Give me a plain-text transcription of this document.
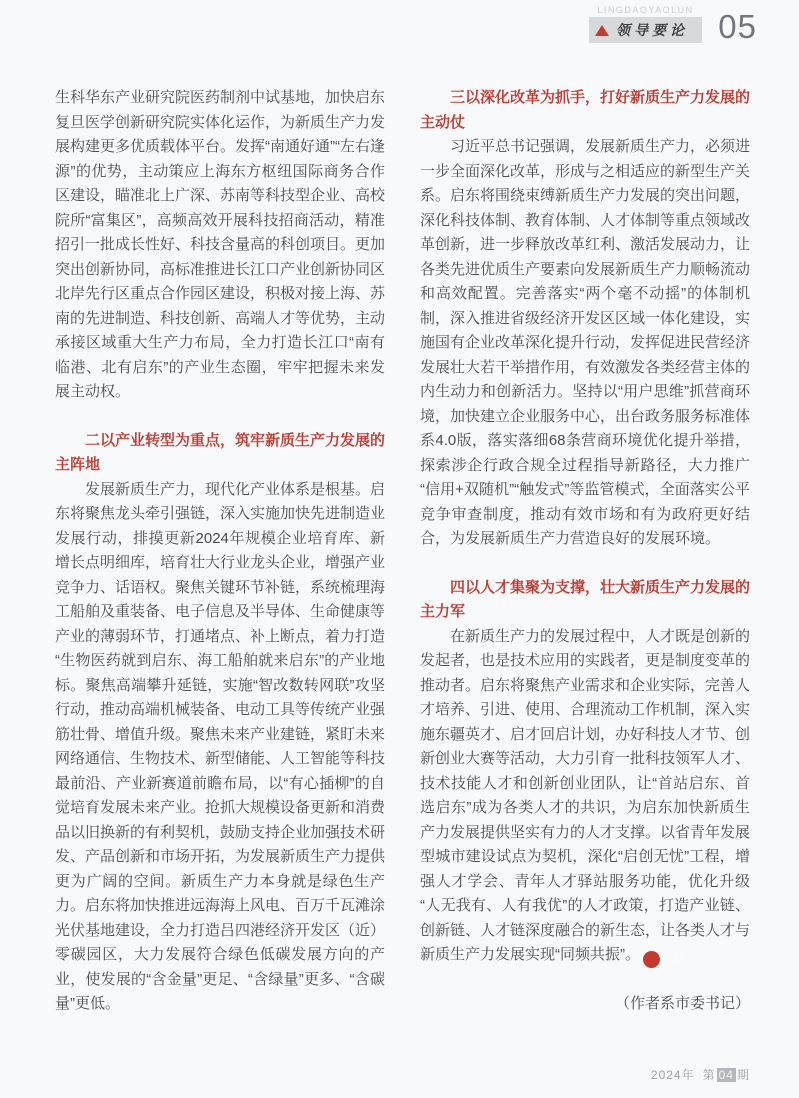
LINGDAOYAOLUN
领导要论 05

生科华东产业研究院医药制剂中试基地，加快启东复旦医学创新研究院实体化运作，为新质生产力发展构建更多优质载体平台。发挥“南通好通”“左右逢源”的优势，主动策应上海东方枢纽国际商务合作区建设，瞄准北上广深、苏南等科技型企业、高校院所“富集区”，高频高效开展科技招商活动，精准招引一批成长性好、科技含量高的科创项目。更加突出创新协同，高标准推进长江口产业创新协同区北岸先行区重点合作园区建设，积极对接上海、苏南的先进制造、科技创新、高端人才等优势，主动承接区域重大生产力布局，全力打造长江口“南有临港、北有启东”的产业生态圈，牢牢把握未来发展主动权。

二以产业转型为重点，筑牢新质生产力发展的主阵地

发展新质生产力，现代化产业体系是根基。启东将聚焦龙头牵引强链，深入实施加快先进制造业发展行动，排摸更新2024年规模企业培育库、新增长点明细库，培育壮大行业龙头企业，增强产业竞争力、话语权。聚焦关键环节补链，系统梳理海工船舶及重装备、电子信息及半导体、生命健康等产业的薄弱环节，打通堵点、补上断点，着力打造“生物医药就到启东、海工船舶就来启东”的产业地标。聚焦高端攀升延链，实施“智改数转网联”攻坚行动，推动高端机械装备、电动工具等传统产业强筋壮骨、增值升级。聚焦未来产业建链，紧盯未来网络通信、生物技术、新型储能、人工智能等科技最前沿、产业新赛道前瞻布局，以“有心插柳”的自觉培育发展未来产业。抢抓大规模设备更新和消费品以旧换新的有利契机，鼓励支持企业加强技术研发、产品创新和市场开拓，为发展新质生产力提供更为广阔的空间。新质生产力本身就是绿色生产力。启东将加快推进远海海上风电、百万千瓦滩涂光伏基地建设，全力打造吕四港经济开发区（近）零碳园区，大力发展符合绿色低碳发展方向的产业，使发展的“含金量”更足、“含绿量”更多、“含碳量”更低。

三以深化改革为抓手，打好新质生产力发展的主动仗

习近平总书记强调，发展新质生产力，必须进一步全面深化改革，形成与之相适应的新型生产关系。启东将围绕束缚新质生产力发展的突出问题，深化科技体制、教育体制、人才体制等重点领域改革创新，进一步释放改革红利、激活发展动力，让各类先进优质生产要素向发展新质生产力顺畅流动和高效配置。完善落实“两个毫不动摇”的体制机制，深入推进省级经济开发区区域一体化建设，实施国有企业改革深化提升行动，发挥促进民营经济发展壮大若干举措作用，有效激发各类经营主体的内生动力和创新活力。坚持以“用户思维”抓营商环境，加快建立企业服务中心，出台政务服务标准体系4.0版，落实落细68条营商环境优化提升举措，探索涉企行政合规全过程指导新路径，大力推广“信用+双随机”“触发式”等监管模式，全面落实公平竞争审查制度，推动有效市场和有为政府更好结合，为发展新质生产力营造良好的发展环境。

四以人才集聚为支撑，壮大新质生产力发展的主力军

在新质生产力的发展过程中，人才既是创新的发起者，也是技术应用的实践者，更是制度变革的推动者。启东将聚焦产业需求和企业实际，完善人才培养、引进、使用、合理流动工作机制，深入实施东疆英才、启才回启计划，办好科技人才节、创新创业大赛等活动，大力引育一批科技领军人才、技术技能人才和创新创业团队，让“首站启东、首选启东”成为各类人才的共识，为启东加快新质生产力发展提供坚实有力的人才支撑。以省青年发展型城市建设试点为契机，深化“启创无忧”工程，增强人才学会、青年人才驿站服务功能，优化升级“人无我有、人有我优”的人才政策，打造产业链、创新链、人才链深度融合的新生态，让各类人才与新质生产力发展实现“同频共振”。	启

（作者系市委书记）

2024年 第 04 期
